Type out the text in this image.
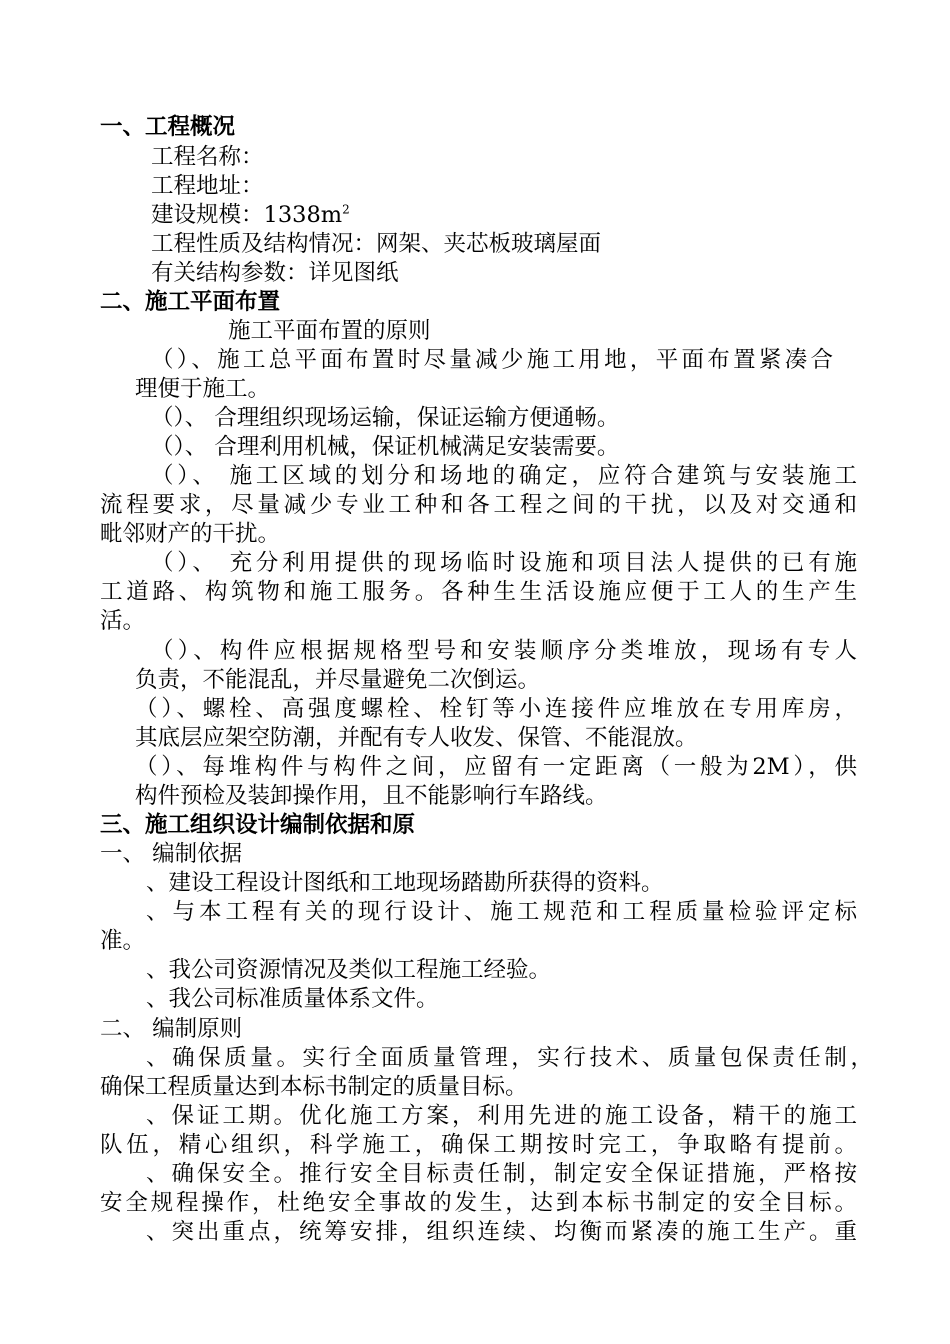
一、工程概况
工程名称：
工程地址：
建设规模：$1338m^2$
工程性质及结构情况：网架、夹芯板玻璃屋面
有关结构参数：详见图纸
二、施工平面布置
施工平面布置的原则
（）、施工总平面布置时尽量减少施工用地，平面布置紧凑合
理便于施工。
（）、 合理组织现场运输，保证运输方便通畅。
（）、 合理利用机械，保证机械满足安装需要。
（）、 施工区域的划分和场地的确定，应符合建筑与安装施工
流程要求，尽量减少专业工种和各工程之间的干扰，以及对交通和
毗邻财产的干扰。
（）、 充分利用提供的现场临时设施和项目法人提供的已有施
工道路、构筑物和施工服务。各种生生活设施应便于工人的生产生
活。
（）、构件应根据规格型号和安装顺序分类堆放，现场有专人
负责，不能混乱，并尽量避免二次倒运。
（）、螺栓、高强度螺栓、栓钉等小连接件应堆放在专用库房，
其底层应架空防潮，并配有专人收发、保管、不能混放。
（）、每堆构件与构件之间，应留有一定距离（一般为2M），供
构件预检及装卸操作用，且不能影响行车路线。
三、施工组织设计编制依据和原
一、 编制依据
、建设工程设计图纸和工地现场踏勘所获得的资料。
、与本工程有关的现行设计、施工规范和工程质量检验评定标
准。
、我公司资源情况及类似工程施工经验。
、我公司标准质量体系文件。
二、 编制原则
、确保质量。实行全面质量管理，实行技术、质量包保责任制，
确保工程质量达到本标书制定的质量目标。
、保证工期。优化施工方案，利用先进的施工设备，精干的施工
队伍，精心组织，科学施工，确保工期按时完工，争取略有提前。
、确保安全。推行安全目标责任制，制定安全保证措施，严格按
安全规程操作，杜绝安全事故的发生，达到本标书制定的安全目标。
、突出重点，统筹安排，组织连续、均衡而紧凑的施工生产。重
